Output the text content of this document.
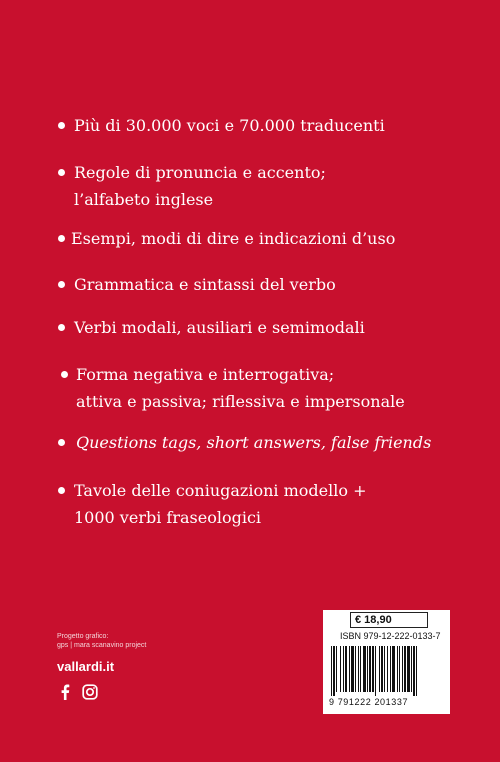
Più di 30.000 voci e 70.000 traducenti
Regole di pronuncia e accento;
l’alfabeto inglese
Esempi, modi di dire e indicazioni d’uso
Grammatica e sintassi del verbo
Verbi modali, ausiliari e semimodali
Forma negativa e interrogativa;
attiva e passiva; riflessiva e impersonale
Questions tags, short answers, false friends
Tavole delle coniugazioni modello +
1000 verbi fraseologici
Progetto grafico:
gps | mara scanavino project
vallardi.it
€ 18,90
ISBN 979-12-222-0133-7
9 791222 201337
